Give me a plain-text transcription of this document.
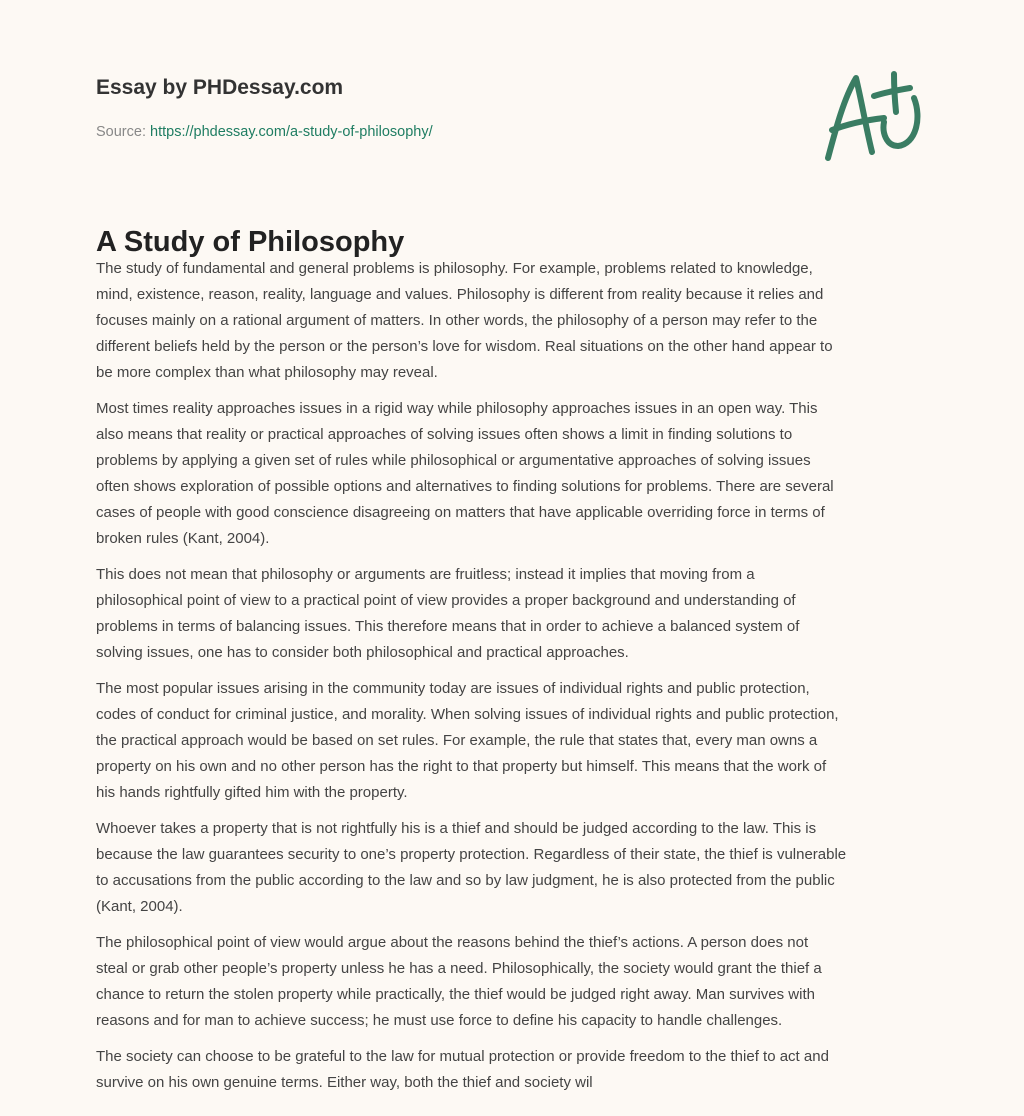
Essay by PHDessay.com
Source: https://phdessay.com/a-study-of-philosophy/
A Study of Philosophy

The study of fundamental and general problems is philosophy. For example, problems related to knowledge,
mind, existence, reason, reality, language and values. Philosophy is different from reality because it relies and
focuses mainly on a rational argument of matters. In other words, the philosophy of a person may refer to the
different beliefs held by the person or the person’s love for wisdom. Real situations on the other hand appear to
be more complex than what philosophy may reveal.

Most times reality approaches issues in a rigid way while philosophy approaches issues in an open way. This
also means that reality or practical approaches of solving issues often shows a limit in finding solutions to
problems by applying a given set of rules while philosophical or argumentative approaches of solving issues
often shows exploration of possible options and alternatives to finding solutions for problems. There are several
cases of people with good conscience disagreeing on matters that have applicable overriding force in terms of
broken rules (Kant, 2004).

This does not mean that philosophy or arguments are fruitless; instead it implies that moving from a
philosophical point of view to a practical point of view provides a proper background and understanding of
problems in terms of balancing issues. This therefore means that in order to achieve a balanced system of
solving issues, one has to consider both philosophical and practical approaches.

The most popular issues arising in the community today are issues of individual rights and public protection,
codes of conduct for criminal justice, and morality. When solving issues of individual rights and public protection,
the practical approach would be based on set rules. For example, the rule that states that, every man owns a
property on his own and no other person has the right to that property but himself. This means that the work of
his hands rightfully gifted him with the property.

Whoever takes a property that is not rightfully his is a thief and should be judged according to the law. This is
because the law guarantees security to one’s property protection. Regardless of their state, the thief is vulnerable
to accusations from the public according to the law and so by law judgment, he is also protected from the public
(Kant, 2004).

The philosophical point of view would argue about the reasons behind the thief’s actions. A person does not
steal or grab other people’s property unless he has a need. Philosophically, the society would grant the thief a
chance to return the stolen property while practically, the thief would be judged right away. Man survives with
reasons and for man to achieve success; he must use force to define his capacity to handle challenges.

The society can choose to be grateful to the law for mutual protection or provide freedom to the thief to act and
survive on his own genuine terms. Either way, both the thief and society wil
